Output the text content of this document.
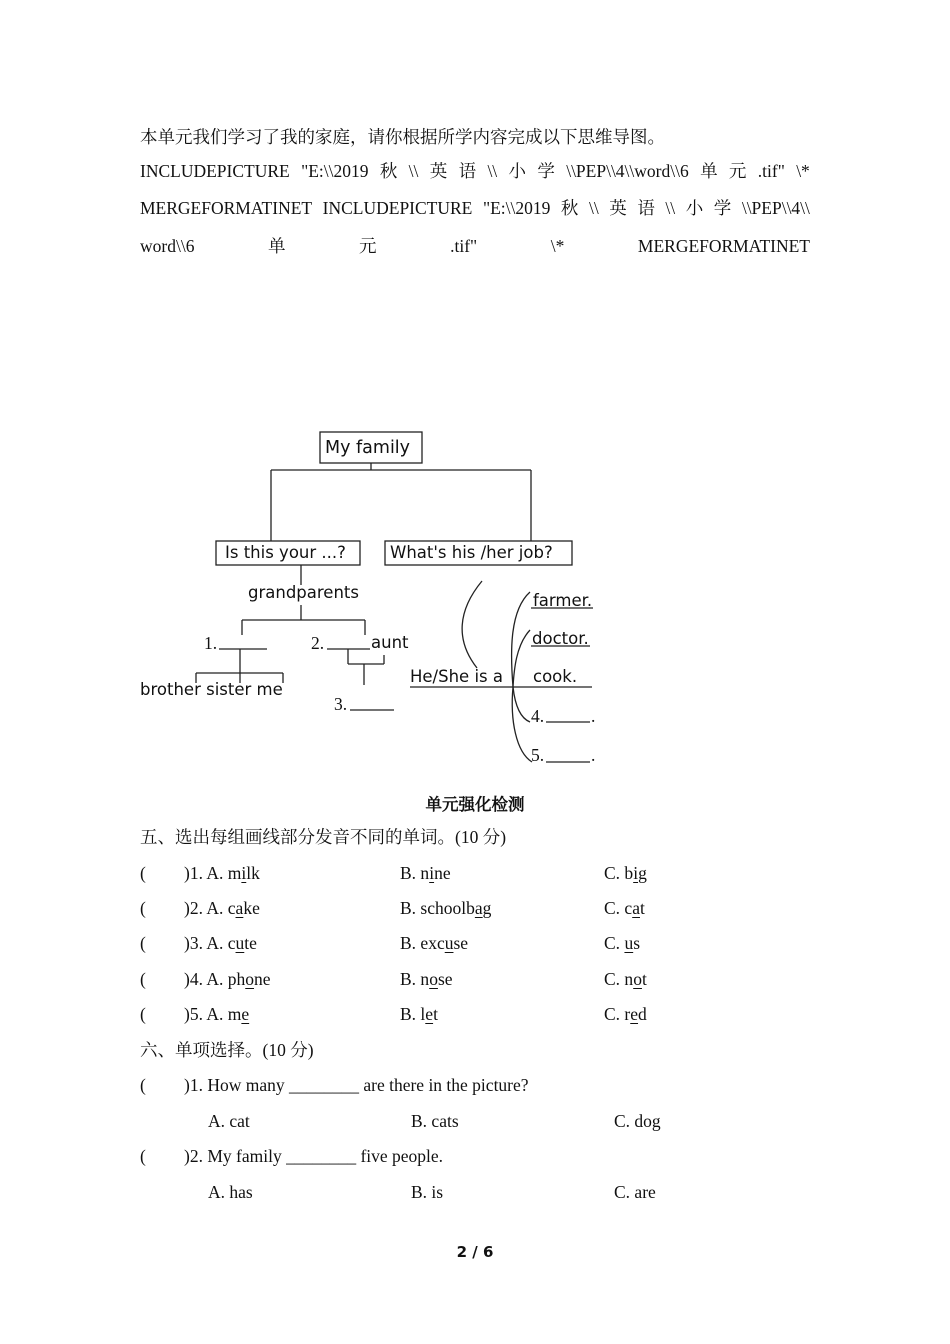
本单元我们学习了我的家庭，请你根据所学内容完成以下思维导图。
INCLUDEPICTURE "E:\\2019 秋 \\ 英 语 \\ 小 学 \\PEP\\4\\word\\6 单 元 .tif" \*
MERGEFORMATINET INCLUDEPICTURE "E:\\2019 秋 \\ 英 语 \\ 小 学 \\PEP\\4\\
word\\6	单	元	.tif"	\*	MERGEFORMATINET
My family
Is this your ...?	What's his /her job?
grandparents
1.	2.	aunt
brother sister me
3.
He/She is a
farmer.
doctor.
cook.
4.	.
5.	.
单元强化检测
五、选出每组画线部分发音不同的单词。(10 分)
( )1. A. milk	B. nine	C. big
( )2. A. cake	B. schoolbag	C. cat
( )3. A. cute	B. excuse	C. us
( )4. A. phone	B. nose	C. not
( )5. A. me	B. let	C. red
六、单项选择。(10 分)
( )1. How many ________ are there in the picture?
A. cat	B. cats	C. dog
( )2. My family ________ five people.
A. has	B. is	C. are
2 / 6
